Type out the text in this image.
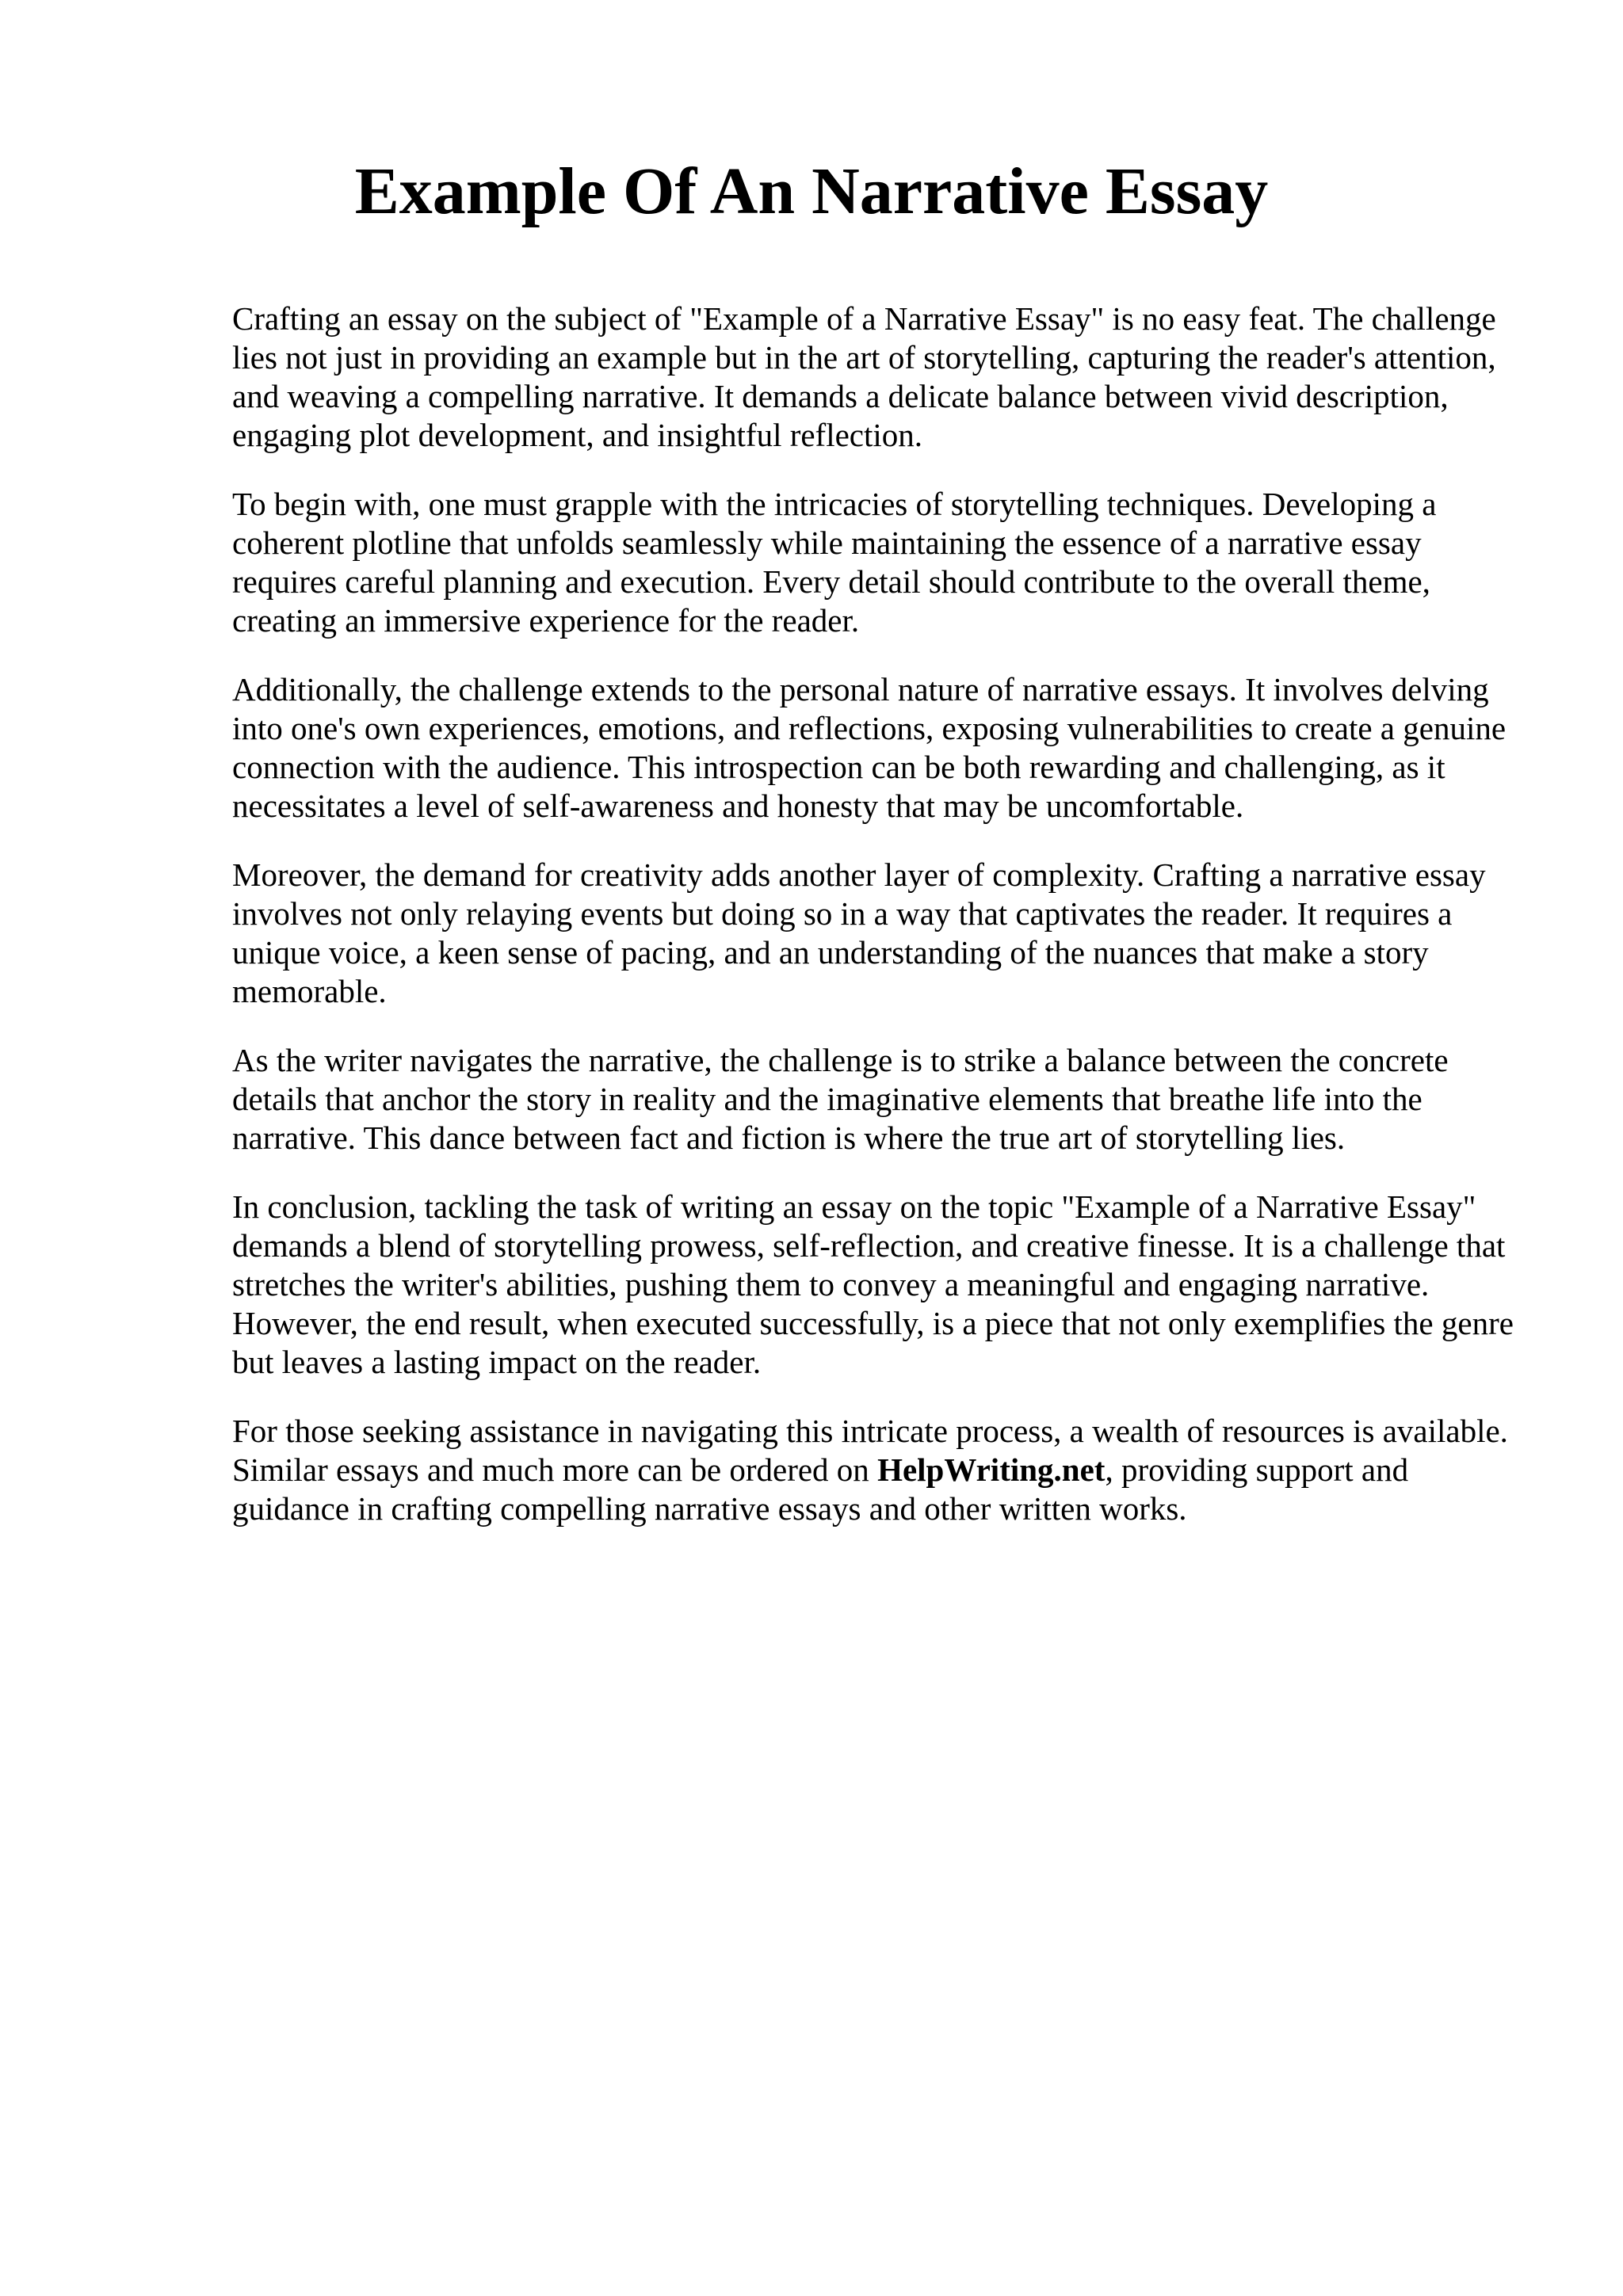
Example Of An Narrative Essay

Crafting an essay on the subject of "Example of a Narrative Essay" is no easy feat. The challenge lies not just in providing an example but in the art of storytelling, capturing the reader's attention, and weaving a compelling narrative. It demands a delicate balance between vivid description, engaging plot development, and insightful reflection.

To begin with, one must grapple with the intricacies of storytelling techniques. Developing a coherent plotline that unfolds seamlessly while maintaining the essence of a narrative essay requires careful planning and execution. Every detail should contribute to the overall theme, creating an immersive experience for the reader.

Additionally, the challenge extends to the personal nature of narrative essays. It involves delving into one's own experiences, emotions, and reflections, exposing vulnerabilities to create a genuine connection with the audience. This introspection can be both rewarding and challenging, as it necessitates a level of self-awareness and honesty that may be uncomfortable.

Moreover, the demand for creativity adds another layer of complexity. Crafting a narrative essay involves not only relaying events but doing so in a way that captivates the reader. It requires a unique voice, a keen sense of pacing, and an understanding of the nuances that make a story memorable.

As the writer navigates the narrative, the challenge is to strike a balance between the concrete details that anchor the story in reality and the imaginative elements that breathe life into the narrative. This dance between fact and fiction is where the true art of storytelling lies.

In conclusion, tackling the task of writing an essay on the topic "Example of a Narrative Essay" demands a blend of storytelling prowess, self-reflection, and creative finesse. It is a challenge that stretches the writer's abilities, pushing them to convey a meaningful and engaging narrative. However, the end result, when executed successfully, is a piece that not only exemplifies the genre but leaves a lasting impact on the reader.

For those seeking assistance in navigating this intricate process, a wealth of resources is available. Similar essays and much more can be ordered on HelpWriting.net, providing support and guidance in crafting compelling narrative essays and other written works.
